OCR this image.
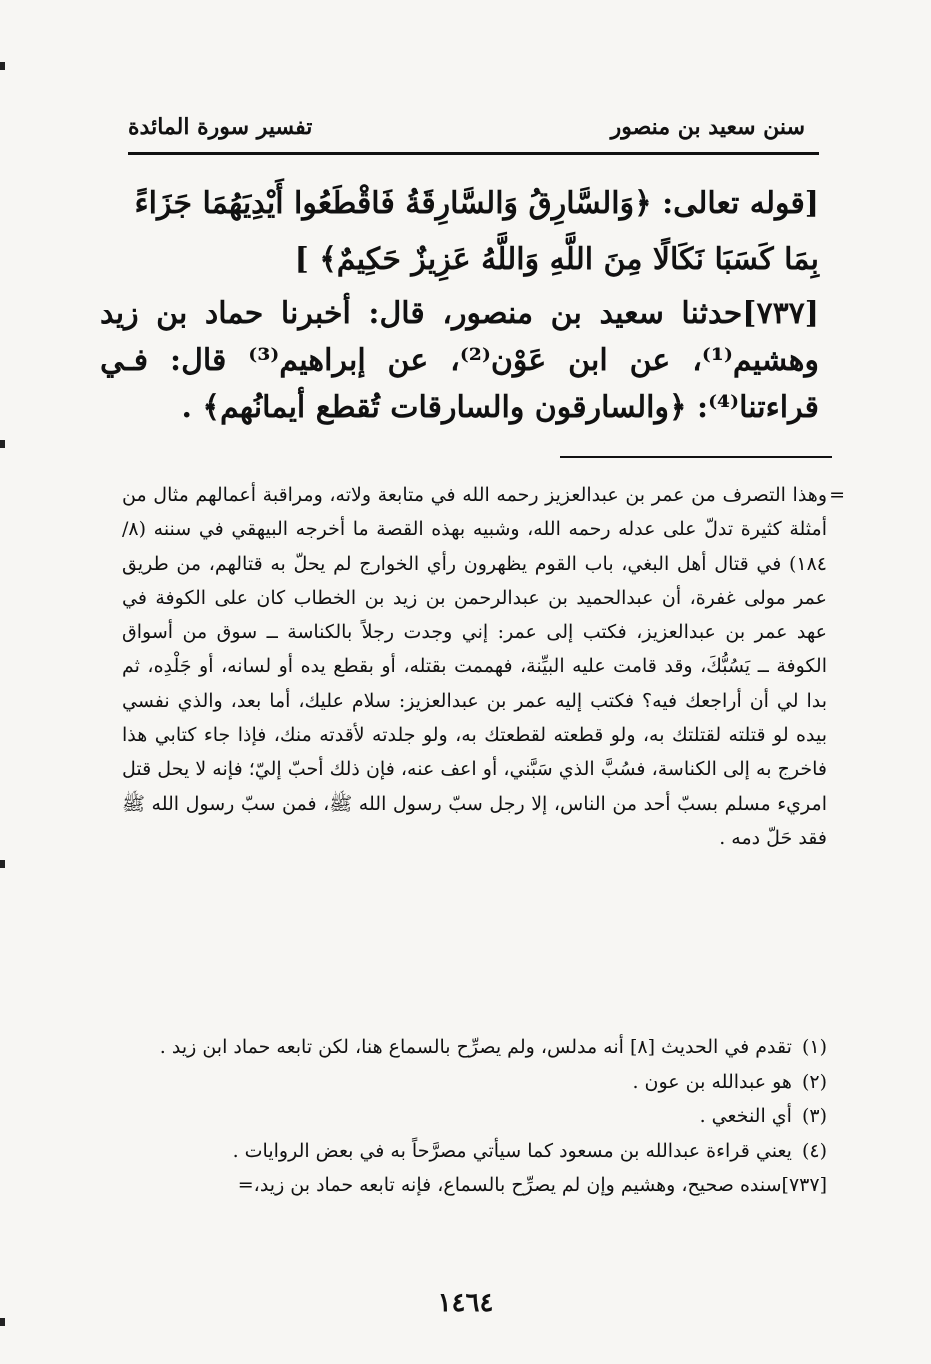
سنن سعيد بن منصور
تفسير سورة المائدة
[قوله تعالى: ﴿وَالسَّارِقُ وَالسَّارِقَةُ فَاقْطَعُوا أَيْدِيَهُمَا جَزَاءً بِمَا كَسَبَا نَكَالًا مِنَ اللَّهِ وَاللَّهُ عَزِيزٌ حَكِيمٌ﴾ ]
[٧٣٧]حدثنا سعيد بن منصور، قال: أخبرنا حماد بن زيد وهشيم⁽¹⁾، عن ابن عَوْن⁽²⁾، عن إبراهيم⁽³⁾ قال: فـي قراءتنا⁽⁴⁾: ﴿والسارقون والسارقات تُقطع أيمانُهم﴾ .
=
وهذا التصرف من عمر بن عبدالعزيز رحمه الله في متابعة ولاته، ومراقبة أعمالهم مثال من أمثلة كثيرة تدلّ على عدله رحمه الله، وشبيه بهذه القصة ما أخرجه البيهقي في سننه (٨/ ١٨٤) في قتال أهل البغي، باب القوم يظهرون رأي الخوارج لم يحلّ به قتالهم، من طريق عمر مولى غفرة، أن عبدالحميد بن عبدالرحمن بن زيد بن الخطاب كان على الكوفة في عهد عمر بن عبدالعزيز، فكتب إلى عمر: إني وجدت رجلاً بالكناسة ــ سوق من أسواق الكوفة ــ يَسُبُّكَ، وقد قامت عليه البيِّنة، فهممت بقتله، أو بقطع يده أو لسانه، أو جَلْدِه، ثم بدا لي أن أراجعك فيه؟ فكتب إليه عمر بن عبدالعزيز: سلام عليك، أما بعد، والذي نفسي بيده لو قتلته لقتلتك به، ولو قطعته لقطعتك به، ولو جلدته لأقدته منك، فإذا جاء كتابي هذا فاخرج به إلى الكناسة، فسُبَّ الذي سَبَّني، أو اعف عنه، فإن ذلك أحبّ إليّ؛ فإنه لا يحل قتل امريء مسلم بسبّ أحد من الناس، إلا رجل سبّ رسول الله ﷺ، فمن سبّ رسول الله ﷺ فقد حَلّ دمه .
(١)تقدم في الحديث [٨] أنه مدلس، ولم يصرِّح بالسماع هنا، لكن تابعه حماد ابن زيد .
(٢)هو عبدالله بن عون .
(٣)أي النخعي .
(٤)يعني قراءة عبدالله بن مسعود كما سيأتي مصرَّحاً به في بعض الروايات .
[٧٣٧]سنده صحيح، وهشيم وإن لم يصرِّح بالسماع، فإنه تابعه حماد بن زيد،=
١٤٦٤
